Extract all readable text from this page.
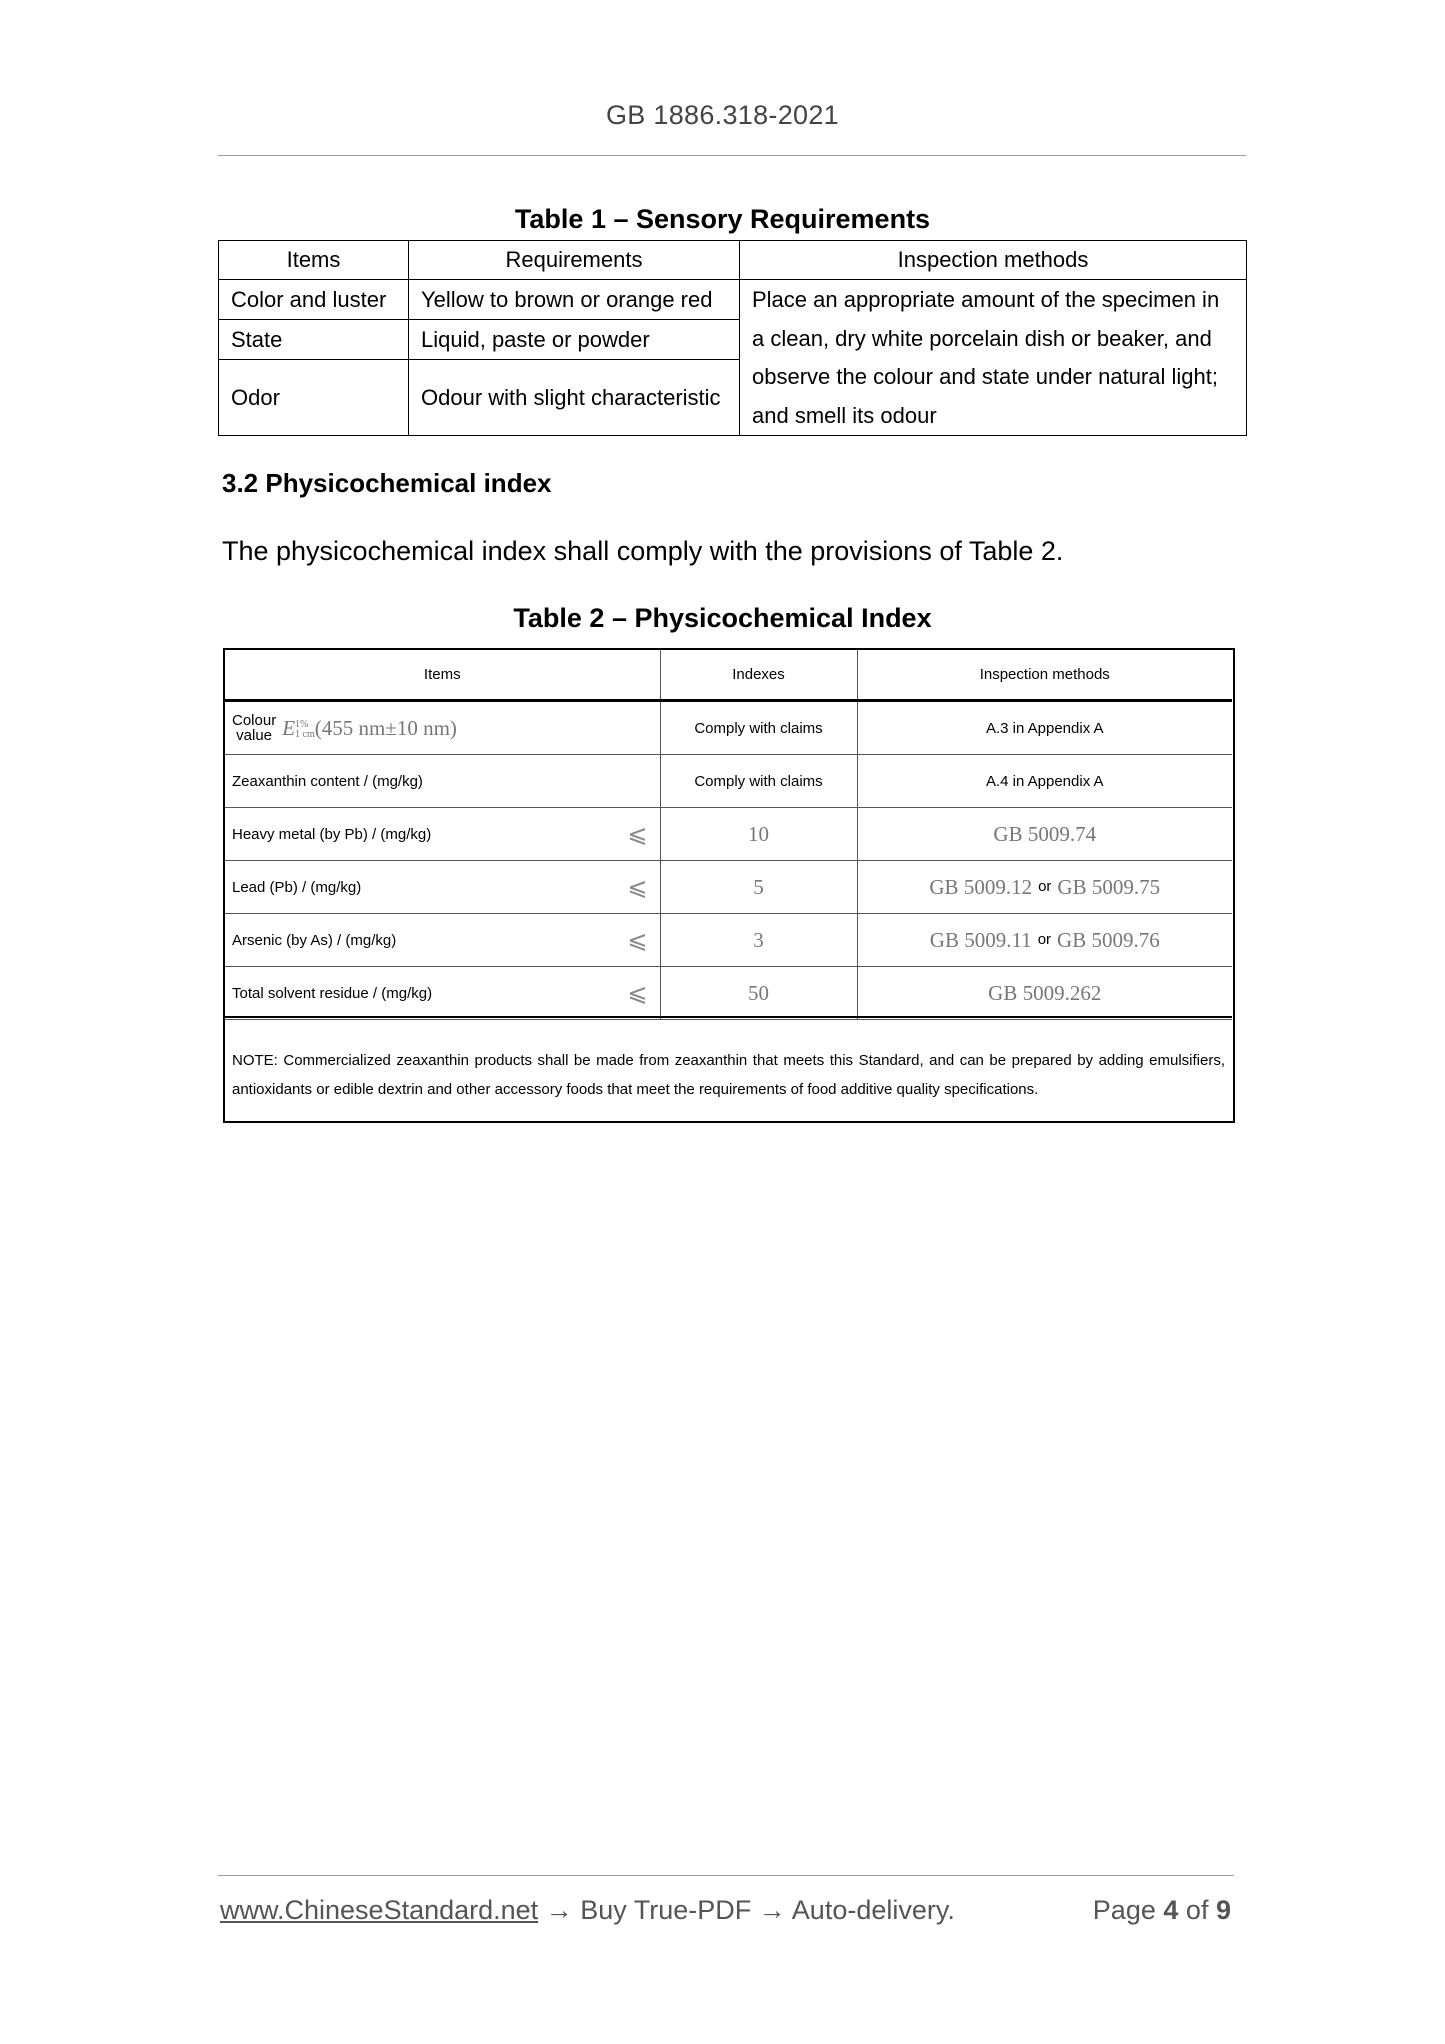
GB 1886.318-2021
Table 1 – Sensory Requirements
Items	Requirements	Inspection methods
Color and luster	Yellow to brown or orange red	Place an appropriate amount of the specimen in
a clean, dry white porcelain dish or beaker, and
observe the colour and state under natural light;
and smell its odour

State	Liquid, paste or powder	
Odor	Odour with slight characteristic	
3.2 Physicochemical index
The physicochemical index shall comply with the provisions of Table 2.
Table 2 – Physicochemical Index
Items	Indexes	Inspection methods
Colour
value E1%
1 cm(455 nm±10 nm)	Comply with claims	A.3 in Appendix A
Zeaxanthin content / (mg/kg)	Comply with claims	A.4 in Appendix A

Heavy metal (by Pb) / (mg/kg) ⩽	10	GB 5009.74

Lead (Pb) / (mg/kg) ⩽	5	GB 5009.12 or GB 5009.75

Arsenic (by As) / (mg/kg) ⩽	3	GB 5009.11 or GB 5009.76

Total solvent residue / (mg/kg) ⩽	50	GB 5009.262
NOTE: Commercialized zeaxanthin products shall be made from zeaxanthin that meets this Standard, and can be prepared by adding emulsifiers, antioxidants or edible dextrin and other accessory foods that meet the requirements of food additive quality specifications.
www.ChineseStandard.net → Buy True-PDF → Auto-delivery.	Page 4 of 9
